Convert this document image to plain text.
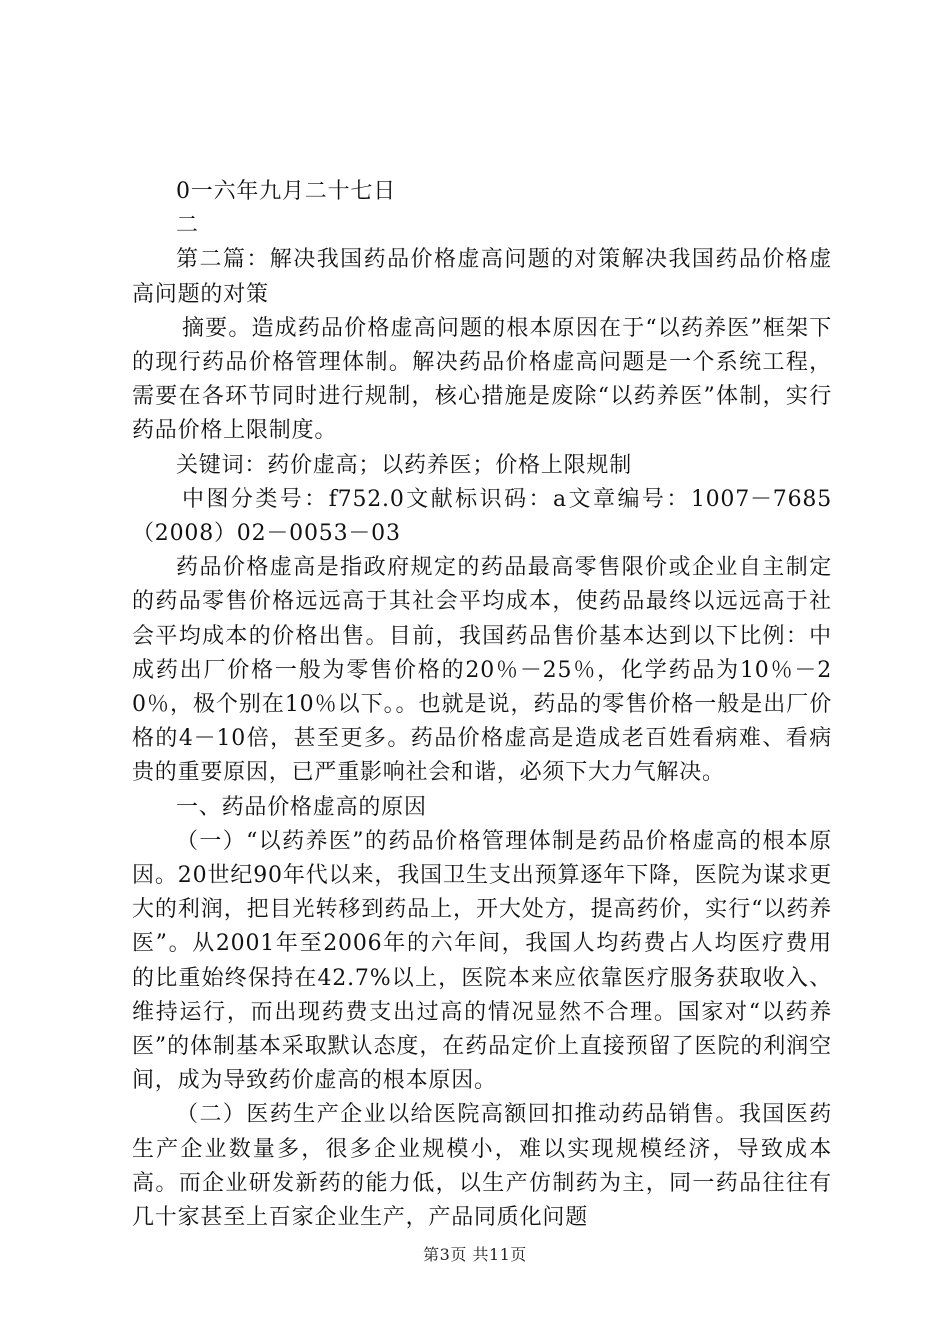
0一六年九月二十七日

二

第二篇：解决我国药品价格虚高问题的对策解决我国药品价格虚高问题的对策

摘要。造成药品价格虚高问题的根本原因在于“以药养医”框架下的现行药品价格管理体制。解决药品价格虚高问题是一个系统工程，需要在各环节同时进行规制，核心措施是废除“以药养医”体制，实行药品价格上限制度。

关键词：药价虚高；以药养医；价格上限规制

中图分类号：f752.0文献标识码：a文章编号：1007－7685（2008）02－0053－03

药品价格虚高是指政府规定的药品最高零售限价或企业自主制定的药品零售价格远远高于其社会平均成本，使药品最终以远远高于社会平均成本的价格出售。目前，我国药品售价基本达到以下比例：中成药出厂价格一般为零售价格的20％－25％，化学药品为10％－20％，极个别在10％以下。。也就是说，药品的零售价格一般是出厂价格的4－10倍，甚至更多。药品价格虚高是造成老百姓看病难、看病贵的重要原因，已严重影响社会和谐，必须下大力气解决。

一、药品价格虚高的原因

（一）“以药养医”的药品价格管理体制是药品价格虚高的根本原因。20世纪90年代以来，我国卫生支出预算逐年下降，医院为谋求更大的利润，把目光转移到药品上，开大处方，提高药价，实行“以药养医”。从2001年至2006年的六年间，我国人均药费占人均医疗费用的比重始终保持在42.7%以上，医院本来应依靠医疗服务获取收入、维持运行，而出现药费支出过高的情况显然不合理。国家对“以药养医”的体制基本采取默认态度，在药品定价上直接预留了医院的利润空间，成为导致药价虚高的根本原因。

（二）医药生产企业以给医院高额回扣推动药品销售。我国医药生产企业数量多，很多企业规模小，难以实现规模经济，导致成本高。而企业研发新药的能力低，以生产仿制药为主，同一药品往往有几十家甚至上百家企业生产，产品同质化问题

第3页 共11页
